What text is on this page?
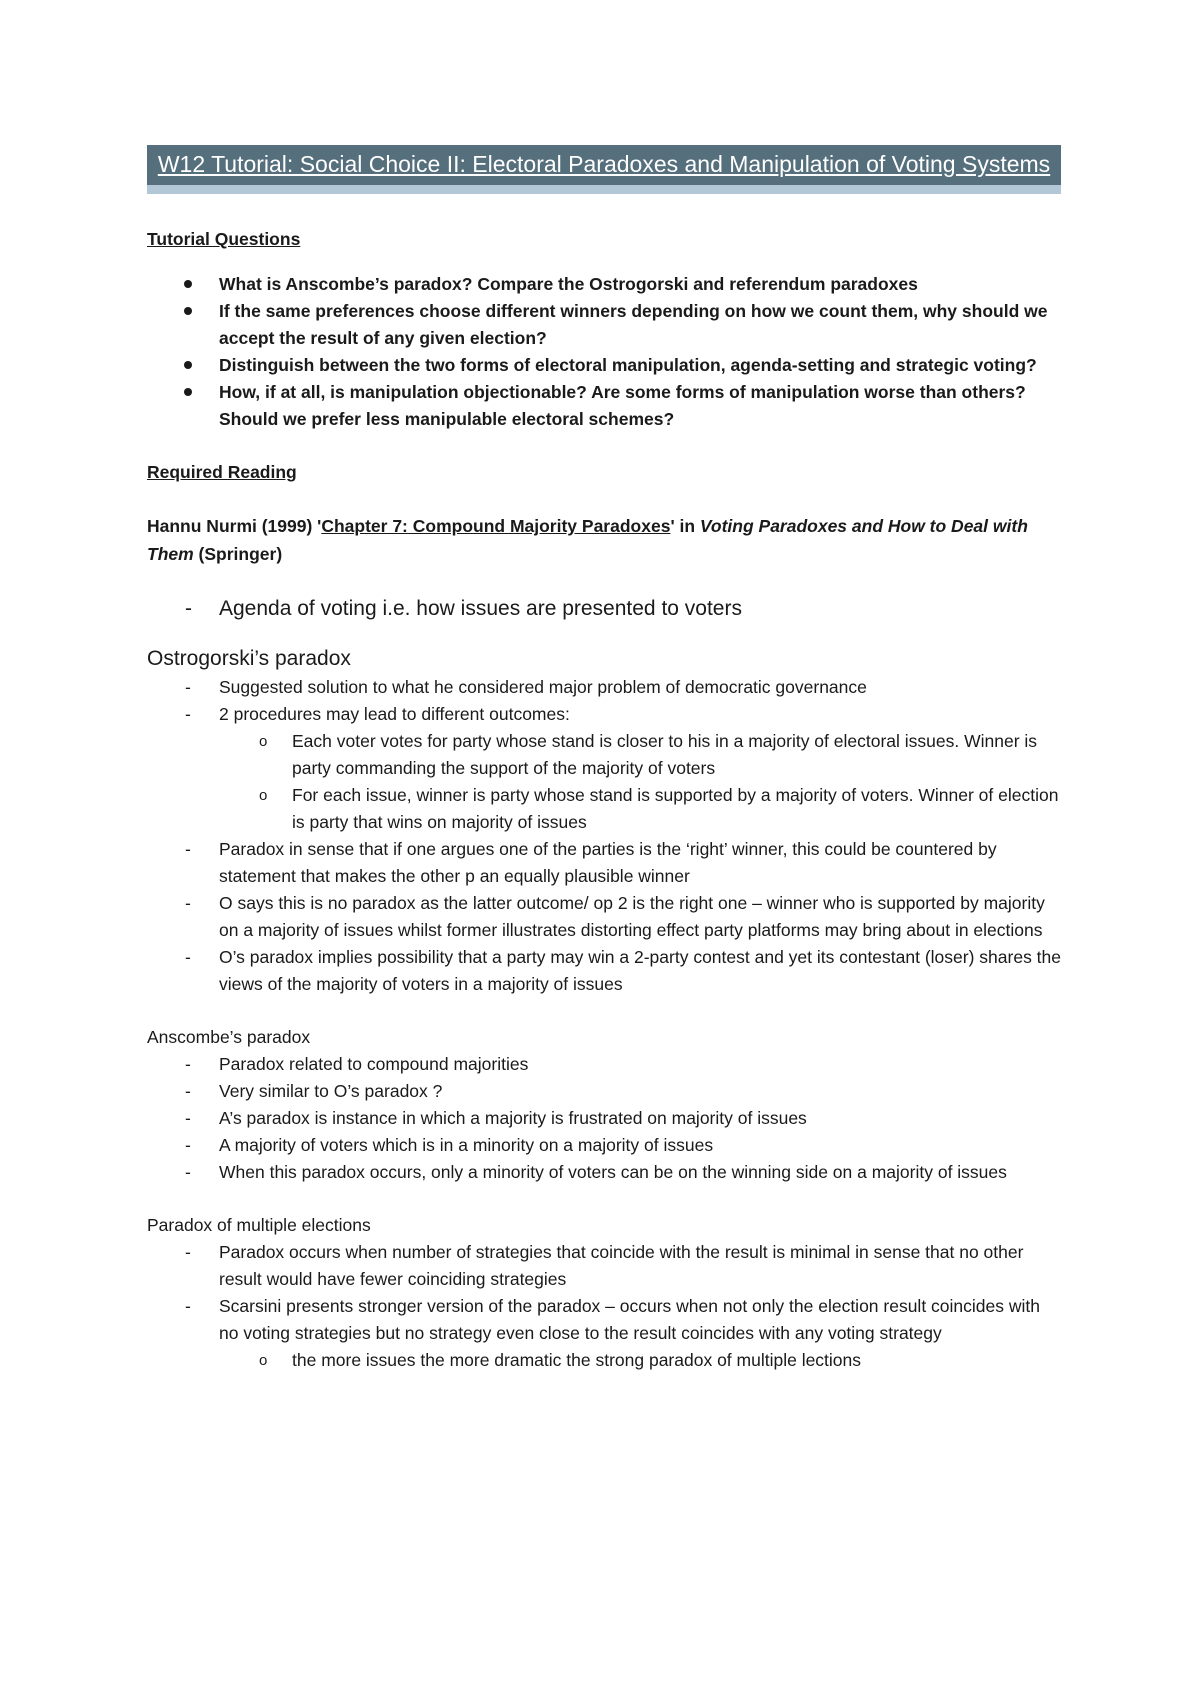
W12 Tutorial: Social Choice II: Electoral Paradoxes and Manipulation of Voting Systems

Tutorial Questions

What is Anscombe’s paradox? Compare the Ostrogorski and referendum paradoxes
If the same preferences choose different winners depending on how we count them, why should we accept the result of any given election?
Distinguish between the two forms of electoral manipulation, agenda-setting and strategic voting?
How, if at all, is manipulation objectionable? Are some forms of manipulation worse than others? Should we prefer less manipulable electoral schemes?

Required Reading

Hannu Nurmi (1999) 'Chapter 7: Compound Majority Paradoxes' in Voting Paradoxes and How to Deal with Them (Springer)

- Agenda of voting i.e. how issues are presented to voters
Ostrogorski’s paradox
- Suggested solution to what he considered major problem of democratic governance
- 2 procedures may lead to different outcomes:
o Each voter votes for party whose stand is closer to his in a majority of electoral issues. Winner is party commanding the support of the majority of voters
o For each issue, winner is party whose stand is supported by a majority of voters. Winner of election is party that wins on majority of issues
- Paradox in sense that if one argues one of the parties is the ‘right’ winner, this could be countered by statement that makes the other p an equally plausible winner
- O says this is no paradox as the latter outcome/ op 2 is the right one – winner who is supported by majority on a majority of issues whilst former illustrates distorting effect party platforms may bring about in elections
- O’s paradox implies possibility that a party may win a 2-party contest and yet its contestant (loser) shares the views of the majority of voters in a majority of issues

Anscombe’s paradox

- Paradox related to compound majorities
- Very similar to O’s paradox ?
- A’s paradox is instance in which a majority is frustrated on majority of issues
- A majority of voters which is in a minority on a majority of issues
- When this paradox occurs, only a minority of voters can be on the winning side on a majority of issues

Paradox of multiple elections

- Paradox occurs when number of strategies that coincide with the result is minimal in sense that no other result would have fewer coinciding strategies
- Scarsini presents stronger version of the paradox – occurs when not only the election result coincides with no voting strategies but no strategy even close to the result coincides with any voting strategy
o the more issues the more dramatic the strong paradox of multiple lections
